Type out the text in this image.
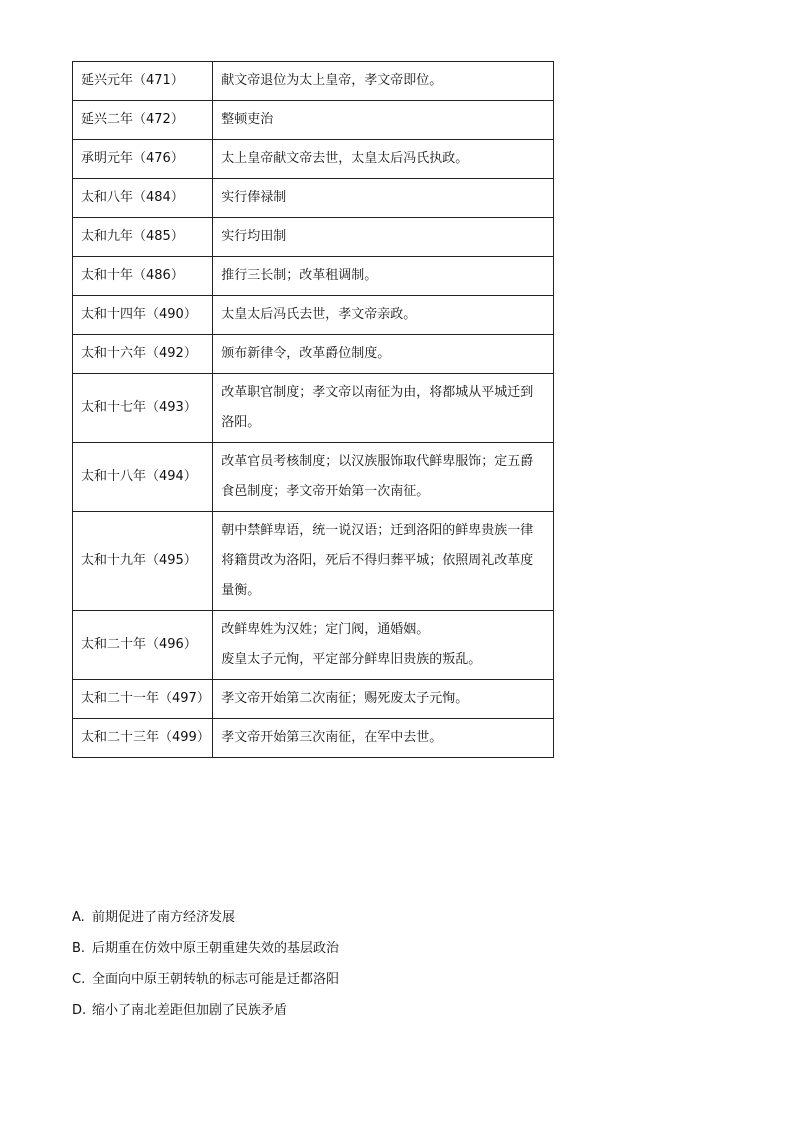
延兴元年（471）	献文帝退位为太上皇帝，孝文帝即位。
延兴二年（472）	整顿吏治
承明元年（476）	太上皇帝献文帝去世，太皇太后冯氏执政。
太和八年（484）	实行俸禄制
太和九年（485）	实行均田制
太和十年（486）	推行三长制；改革租调制。
太和十四年（490）	太皇太后冯氏去世，孝文帝亲政。
太和十六年（492）	颁布新律令，改革爵位制度。
太和十七年（493）	改革职官制度；孝文帝以南征为由，将都城从平城迁到洛阳。
太和十八年（494）	改革官员考核制度；以汉族服饰取代鲜卑服饰；定五爵食邑制度；孝文帝开始第一次南征。
太和十九年（495）	朝中禁鲜卑语，统一说汉语；迁到洛阳的鲜卑贵族一律将籍贯改为洛阳，死后不得归葬平城；依照周礼改革度量衡。
太和二十年（496）	改鲜卑姓为汉姓；定门阀，通婚姻。
废皇太子元恂，平定部分鲜卑旧贵族的叛乱。

太和二十一年（497）	孝文帝开始第二次南征；赐死废太子元恂。
太和二十三年（499）	孝文帝开始第三次南征，在军中去世。
A. 前期促进了南方经济发展
B. 后期重在仿效中原王朝重建失效的基层政治
C. 全面向中原王朝转轨的标志可能是迁都洛阳
D. 缩小了南北差距但加剧了民族矛盾
